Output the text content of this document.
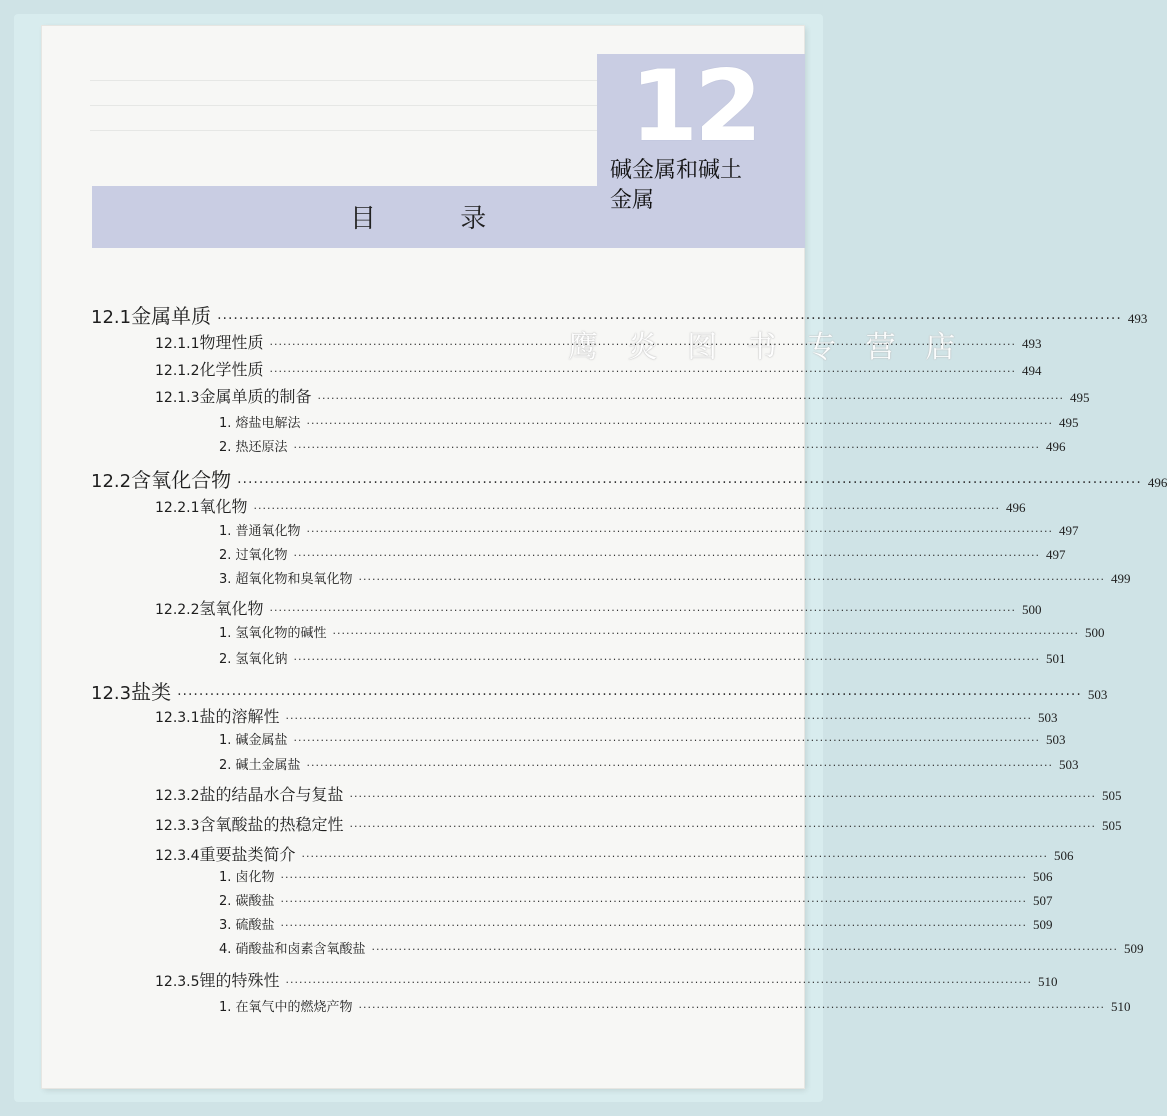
目 录
12
碱金属和碱土金属
鹰 炎 图 书 专 营 店
12.1 金属单质 ·····	493
12.1.1 物理性质 ·····	493
12.1.2 化学性质 ·····	494
12.1.3 金属单质的制备 ·····	495
1. 熔盐电解法 ·····	495
2. 热还原法 ·····	496
12.2 含氧化合物 ·····	496
12.2.1 氧化物 ·····	496
1. 普通氧化物 ·····	497
2. 过氧化物 ·····	497
3. 超氧化物和臭氧化物 ·····	499
12.2.2 氢氧化物 ·····	500
1. 氢氧化物的碱性 ·····	500
2. 氢氧化钠 ·····	501
12.3 盐类 ·····	503
12.3.1 盐的溶解性 ·····	503
1. 碱金属盐 ·····	503
2. 碱土金属盐 ·····	503
12.3.2 盐的结晶水合与复盐 ·····	505
12.3.3 含氧酸盐的热稳定性 ·····	505
12.3.4 重要盐类简介 ·····	506
1. 卤化物 ·····	506
2. 碳酸盐 ·····	507
3. 硫酸盐 ·····	509
4. 硝酸盐和卤素含氧酸盐 ·····	509
12.3.5 锂的特殊性 ·····	510
1. 在氧气中的燃烧产物 ·····	510
